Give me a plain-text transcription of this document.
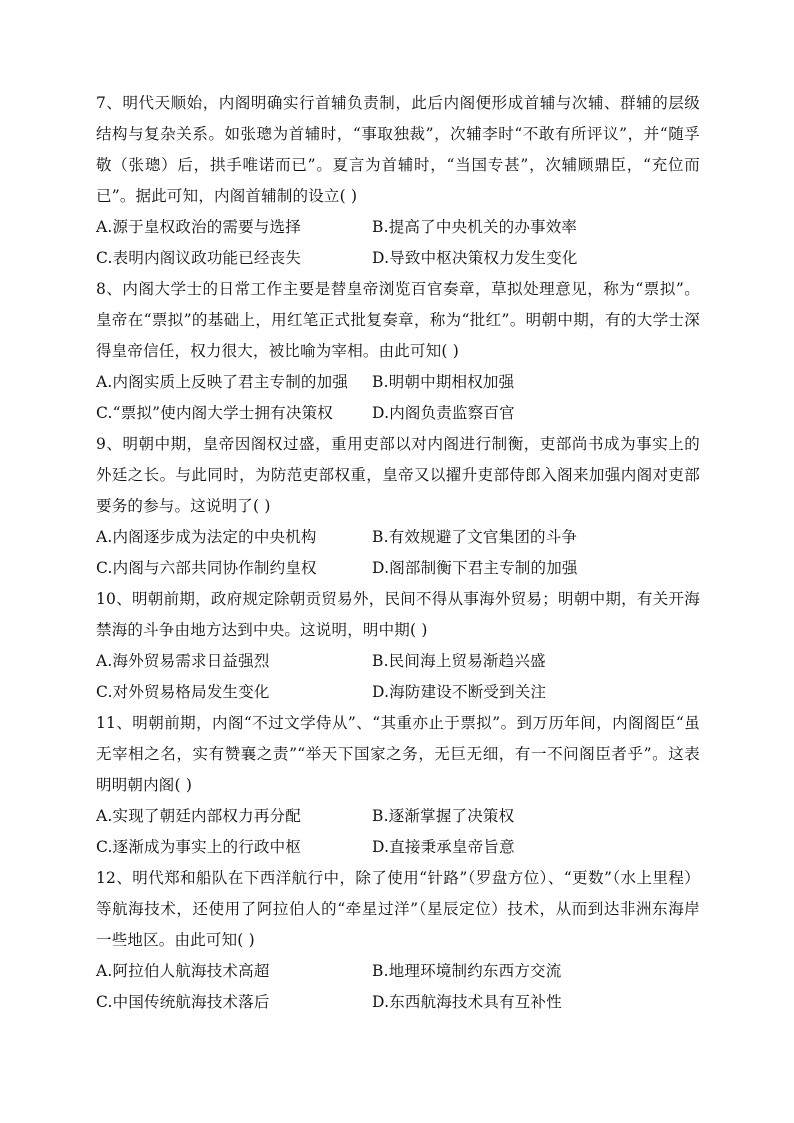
7、明代天顺始，内阁明确实行首辅负责制，此后内阁便形成首辅与次辅、群辅的层级结构与复杂关系。如张璁为首辅时，“事取独裁”，次辅李时“不敢有所评议”，并“随孚敬（张璁）后，拱手唯诺而已”。夏言为首辅时，“当国专甚”，次辅顾鼎臣，“充位而已”。据此可知，内阁首辅制的设立( )

A.源于皇权政治的需要与选择	B.提高了中央机关的办事效率
C.表明内阁议政功能已经丧失	D.导致中枢决策权力发生变化

8、内阁大学士的日常工作主要是替皇帝浏览百官奏章，草拟处理意见，称为“票拟”。皇帝在“票拟”的基础上，用红笔正式批复奏章，称为“批红”。明朝中期，有的大学士深得皇帝信任，权力很大，被比喻为宰相。由此可知( )

A.内阁实质上反映了君主专制的加强	B.明朝中期相权加强
C.“票拟”使内阁大学士拥有决策权	D.内阁负责监察百官

9、明朝中期，皇帝因阁权过盛，重用吏部以对内阁进行制衡，吏部尚书成为事实上的外廷之长。与此同时，为防范吏部权重，皇帝又以擢升吏部侍郎入阁来加强内阁对吏部要务的参与。这说明了( )

A.内阁逐步成为法定的中央机构	B.有效规避了文官集团的斗争
C.内阁与六部共同协作制约皇权	D.阁部制衡下君主专制的加强

10、明朝前期，政府规定除朝贡贸易外，民间不得从事海外贸易；明朝中期，有关开海禁海的斗争由地方达到中央。这说明，明中期( )

A.海外贸易需求日益强烈	B.民间海上贸易渐趋兴盛
C.对外贸易格局发生变化	D.海防建设不断受到关注

11、明朝前期，内阁“不过文学侍从”、“其重亦止于票拟”。到万历年间，内阁阁臣“虽无宰相之名，实有赞襄之责”“举天下国家之务，无巨无细，有一不问阁臣者乎”。这表明明朝内阁( )

A.实现了朝廷内部权力再分配	B.逐渐掌握了决策权
C.逐渐成为事实上的行政中枢	D.直接秉承皇帝旨意

12、明代郑和船队在下西洋航行中，除了使用“针路”（罗盘方位）、“更数”（水上里程）等航海技术，还使用了阿拉伯人的“牵星过洋”（星辰定位）技术，从而到达非洲东海岸一些地区。由此可知( )

A.阿拉伯人航海技术高超	B.地理环境制约东西方交流
C.中国传统航海技术落后	D.东西航海技术具有互补性
